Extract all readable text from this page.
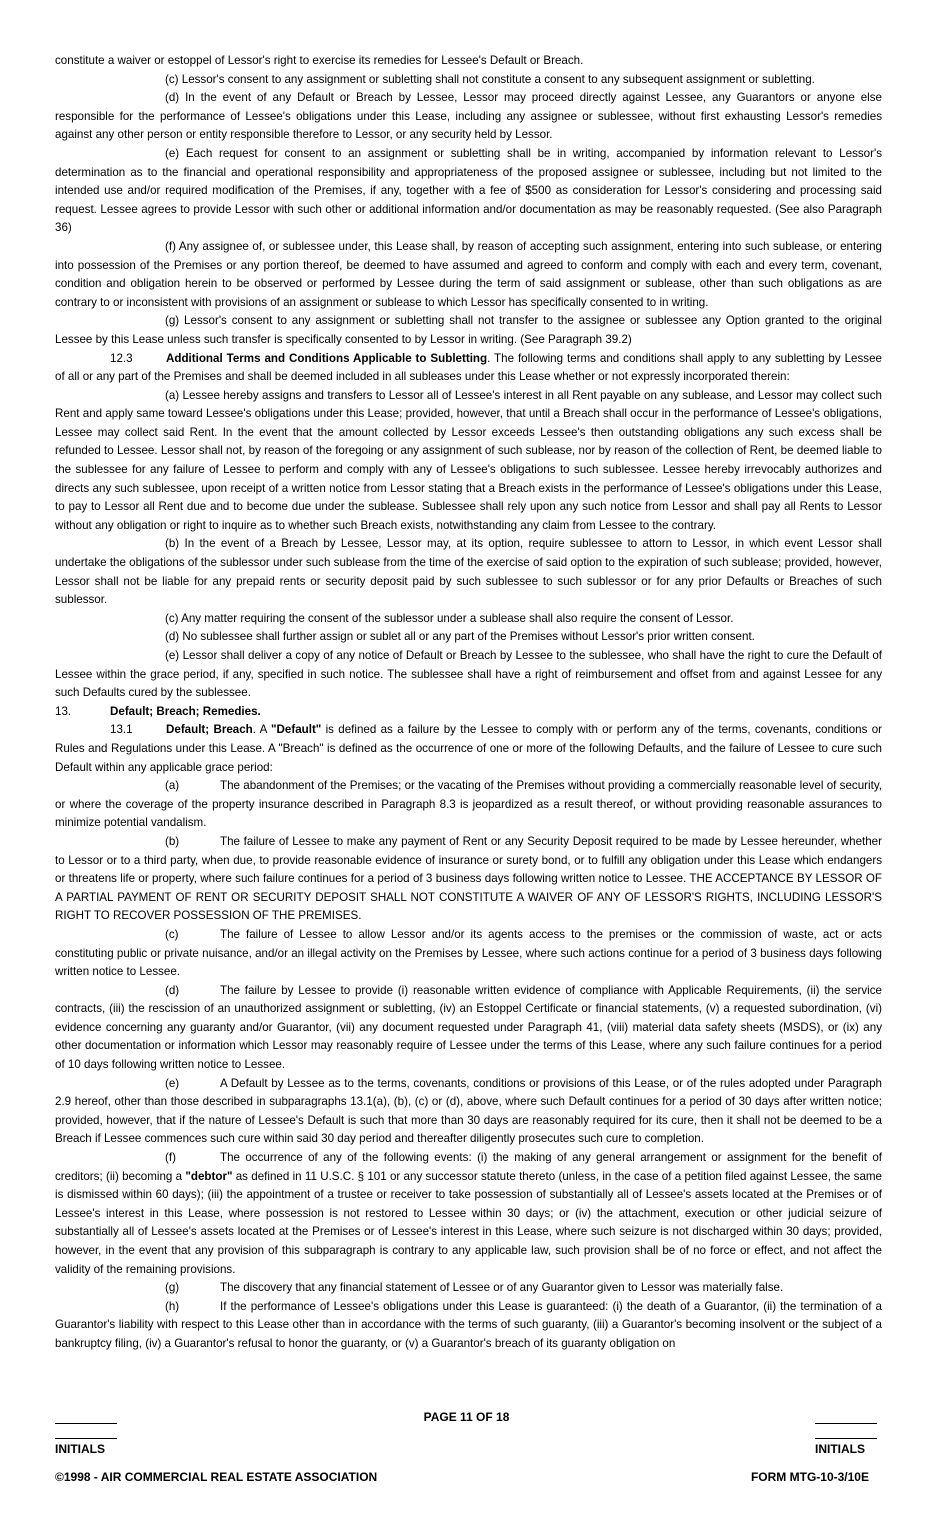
constitute a waiver or estoppel of Lessor's right to exercise its remedies for Lessee's Default or Breach.

(c) Lessor's consent to any assignment or subletting shall not constitute a consent to any subsequent assignment or subletting.

(d) In the event of any Default or Breach by Lessee, Lessor may proceed directly against Lessee, any Guarantors or anyone else responsible for the performance of Lessee's obligations under this Lease, including any assignee or sublessee, without first exhausting Lessor's remedies against any other person or entity responsible therefore to Lessor, or any security held by Lessor.

(e) Each request for consent to an assignment or subletting shall be in writing, accompanied by information relevant to Lessor's determination as to the financial and operational responsibility and appropriateness of the proposed assignee or sublessee, including but not limited to the intended use and/or required modification of the Premises, if any, together with a fee of $500 as consideration for Lessor's considering and processing said request. Lessee agrees to provide Lessor with such other or additional information and/or documentation as may be reasonably requested. (See also Paragraph 36)

(f) Any assignee of, or sublessee under, this Lease shall, by reason of accepting such assignment, entering into such sublease, or entering into possession of the Premises or any portion thereof, be deemed to have assumed and agreed to conform and comply with each and every term, covenant, condition and obligation herein to be observed or performed by Lessee during the term of said assignment or sublease, other than such obligations as are contrary to or inconsistent with provisions of an assignment or sublease to which Lessor has specifically consented to in writing.

(g) Lessor's consent to any assignment or subletting shall not transfer to the assignee or sublessee any Option granted to the original Lessee by this Lease unless such transfer is specifically consented to by Lessor in writing. (See Paragraph 39.2)

12.3	Additional Terms and Conditions Applicable to Subletting. The following terms and conditions shall apply to any subletting by Lessee of all or any part of the Premises and shall be deemed included in all subleases under this Lease whether or not expressly incorporated therein:

(a) Lessee hereby assigns and transfers to Lessor all of Lessee's interest in all Rent payable on any sublease, and Lessor may collect such Rent and apply same toward Lessee's obligations under this Lease; provided, however, that until a Breach shall occur in the performance of Lessee's obligations, Lessee may collect said Rent. In the event that the amount collected by Lessor exceeds Lessee's then outstanding obligations any such excess shall be refunded to Lessee. Lessor shall not, by reason of the foregoing or any assignment of such sublease, nor by reason of the collection of Rent, be deemed liable to the sublessee for any failure of Lessee to perform and comply with any of Lessee's obligations to such sublessee. Lessee hereby irrevocably authorizes and directs any such sublessee, upon receipt of a written notice from Lessor stating that a Breach exists in the performance of Lessee's obligations under this Lease, to pay to Lessor all Rent due and to become due under the sublease. Sublessee shall rely upon any such notice from Lessor and shall pay all Rents to Lessor without any obligation or right to inquire as to whether such Breach exists, notwithstanding any claim from Lessee to the contrary.

(b) In the event of a Breach by Lessee, Lessor may, at its option, require sublessee to attorn to Lessor, in which event Lessor shall undertake the obligations of the sublessor under such sublease from the time of the exercise of said option to the expiration of such sublease; provided, however, Lessor shall not be liable for any prepaid rents or security deposit paid by such sublessee to such sublessor or for any prior Defaults or Breaches of such sublessor.

(c) Any matter requiring the consent of the sublessor under a sublease shall also require the consent of Lessor.

(d) No sublessee shall further assign or sublet all or any part of the Premises without Lessor's prior written consent.

(e) Lessor shall deliver a copy of any notice of Default or Breach by Lessee to the sublessee, who shall have the right to cure the Default of Lessee within the grace period, if any, specified in such notice. The sublessee shall have a right of reimbursement and offset from and against Lessee for any such Defaults cured by the sublessee.

13.	Default; Breach; Remedies.

13.1	Default; Breach. A "Default" is defined as a failure by the Lessee to comply with or perform any of the terms, covenants, conditions or Rules and Regulations under this Lease. A "Breach" is defined as the occurrence of one or more of the following Defaults, and the failure of Lessee to cure such Default within any applicable grace period:

(a)	The abandonment of the Premises; or the vacating of the Premises without providing a commercially reasonable level of security, or where the coverage of the property insurance described in Paragraph 8.3 is jeopardized as a result thereof, or without providing reasonable assurances to minimize potential vandalism.

(b)	The failure of Lessee to make any payment of Rent or any Security Deposit required to be made by Lessee hereunder, whether to Lessor or to a third party, when due, to provide reasonable evidence of insurance or surety bond, or to fulfill any obligation under this Lease which endangers or threatens life or property, where such failure continues for a period of 3 business days following written notice to Lessee. THE ACCEPTANCE BY LESSOR OF A PARTIAL PAYMENT OF RENT OR SECURITY DEPOSIT SHALL NOT CONSTITUTE A WAIVER OF ANY OF LESSOR'S RIGHTS, INCLUDING LESSOR'S RIGHT TO RECOVER POSSESSION OF THE PREMISES.

(c)	The failure of Lessee to allow Lessor and/or its agents access to the premises or the commission of waste, act or acts constituting public or private nuisance, and/or an illegal activity on the Premises by Lessee, where such actions continue for a period of 3 business days following written notice to Lessee.

(d)	The failure by Lessee to provide (i) reasonable written evidence of compliance with Applicable Requirements, (ii) the service contracts, (iii) the rescission of an unauthorized assignment or subletting, (iv) an Estoppel Certificate or financial statements, (v) a requested subordination, (vi) evidence concerning any guaranty and/or Guarantor, (vii) any document requested under Paragraph 41, (viii) material data safety sheets (MSDS), or (ix) any other documentation or information which Lessor may reasonably require of Lessee under the terms of this Lease, where any such failure continues for a period of 10 days following written notice to Lessee.

(e)	A Default by Lessee as to the terms, covenants, conditions or provisions of this Lease, or of the rules adopted under Paragraph 2.9 hereof, other than those described in subparagraphs 13.1(a), (b), (c) or (d), above, where such Default continues for a period of 30 days after written notice; provided, however, that if the nature of Lessee's Default is such that more than 30 days are reasonably required for its cure, then it shall not be deemed to be a Breach if Lessee commences such cure within said 30 day period and thereafter diligently prosecutes such cure to completion.

(f)	The occurrence of any of the following events: (i) the making of any general arrangement or assignment for the benefit of creditors; (ii) becoming a "debtor" as defined in 11 U.S.C. § 101 or any successor statute thereto (unless, in the case of a petition filed against Lessee, the same is dismissed within 60 days); (iii) the appointment of a trustee or receiver to take possession of substantially all of Lessee's assets located at the Premises or of Lessee's interest in this Lease, where possession is not restored to Lessee within 30 days; or (iv) the attachment, execution or other judicial seizure of substantially all of Lessee's assets located at the Premises or of Lessee's interest in this Lease, where such seizure is not discharged within 30 days; provided, however, in the event that any provision of this subparagraph is contrary to any applicable law, such provision shall be of no force or effect, and not affect the validity of the remaining provisions.

(g)	The discovery that any financial statement of Lessee or of any Guarantor given to Lessor was materially false.

(h)	If the performance of Lessee's obligations under this Lease is guaranteed: (i) the death of a Guarantor, (ii) the termination of a Guarantor's liability with respect to this Lease other than in accordance with the terms of such guaranty, (iii) a Guarantor's becoming insolvent or the subject of a bankruptcy filing, (iv) a Guarantor's refusal to honor the guaranty, or (v) a Guarantor's breach of its guaranty obligation on

PAGE 11 OF 18
INITIALS	INITIALS
©1998 - AIR COMMERCIAL REAL ESTATE ASSOCIATION	FORM MTG-10-3/10E
